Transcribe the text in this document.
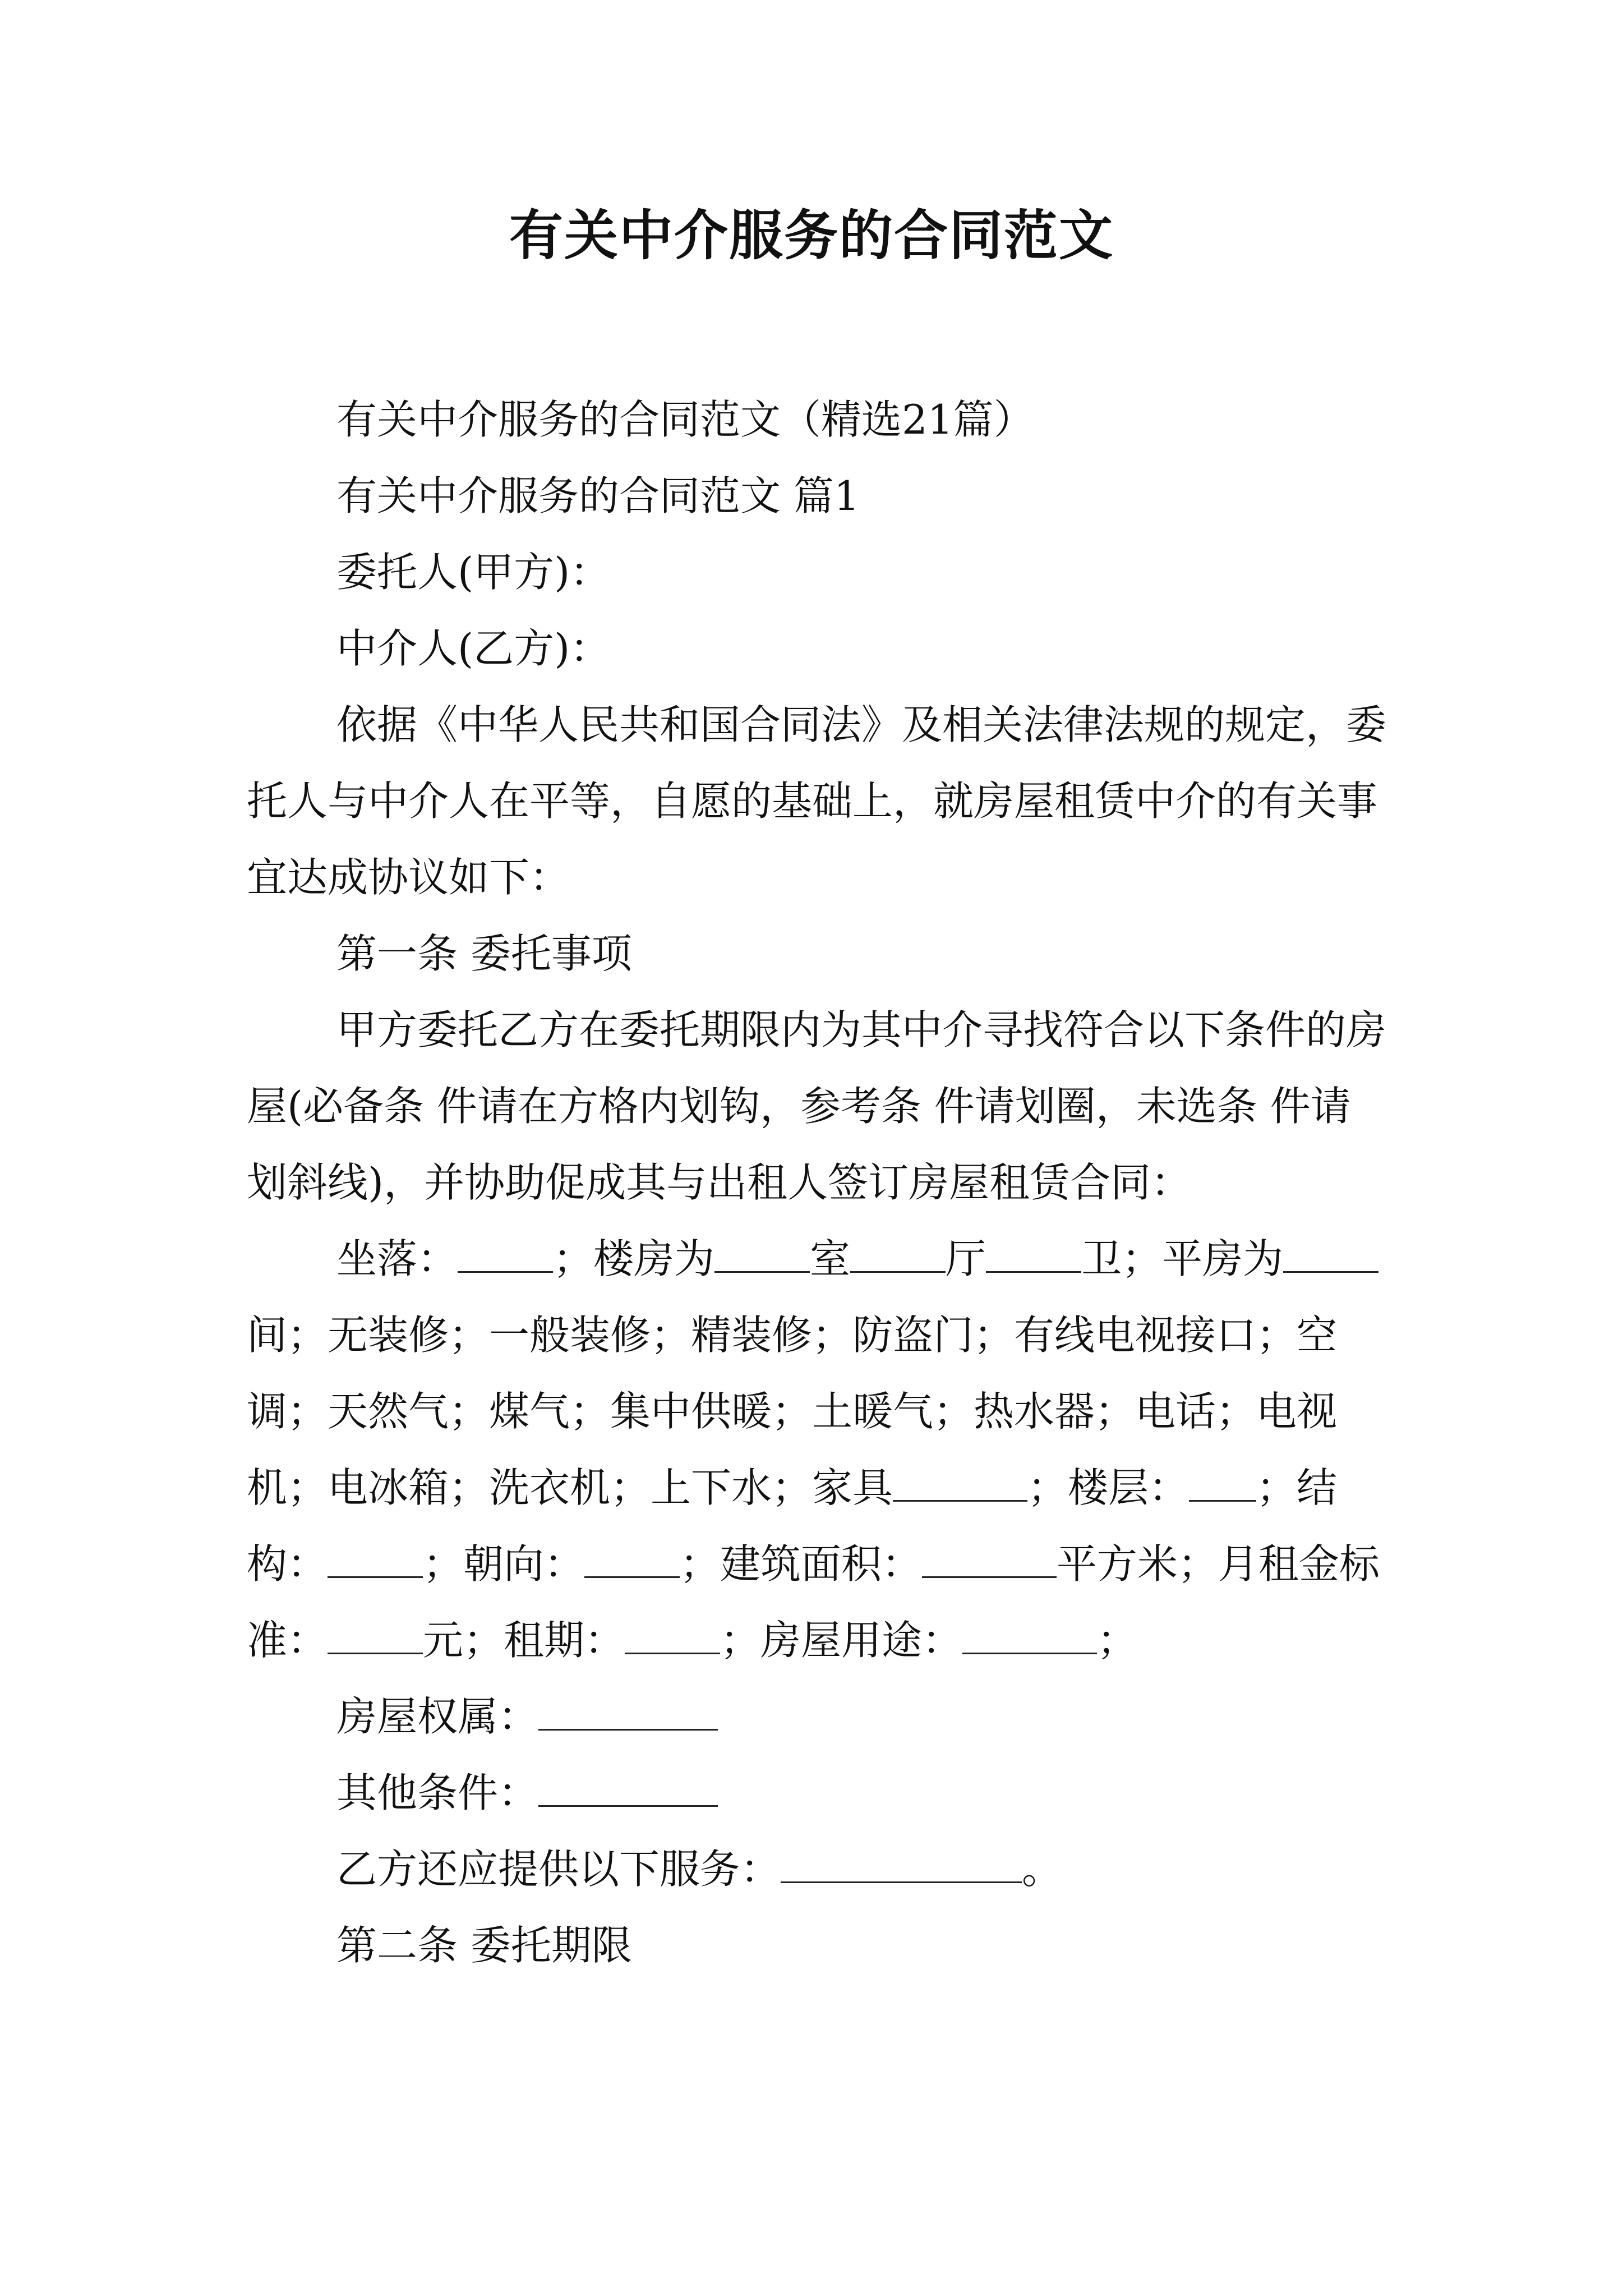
有关中介服务的合同范文

有关中介服务的合同范文（精选21篇）

有关中介服务的合同范文 篇1

委托人(甲方)：

中介人(乙方)：

依据《中华人民共和国合同法》及相关法律法规的规定，委托人与中介人在平等，自愿的基础上，就房屋租赁中介的有关事宜达成协议如下：

第一条 委托事项

甲方委托乙方在委托期限内为其中介寻找符合以下条件的房屋(必备条 件请在方格内划钩，参考条 件请划圈，未选条 件请划斜线)，并协助促成其与出租人签订房屋租赁合同：

坐落： ；楼房为 室 厅 卫；平房为间；无装修；一般装修；精装修；防盗门；有线电视接口；空调；天然气；煤气；集中供暖；土暖气；热水器；电话；电视机；电冰箱；洗衣机；上下水；家具	；楼层： ；结构： ；朝向： ；建筑面积：	平方米；月租金标准： 元；租期： ；房屋用途：	；

房屋权属：

其他条件：

乙方还应提供以下服务：	。

第二条 委托期限
